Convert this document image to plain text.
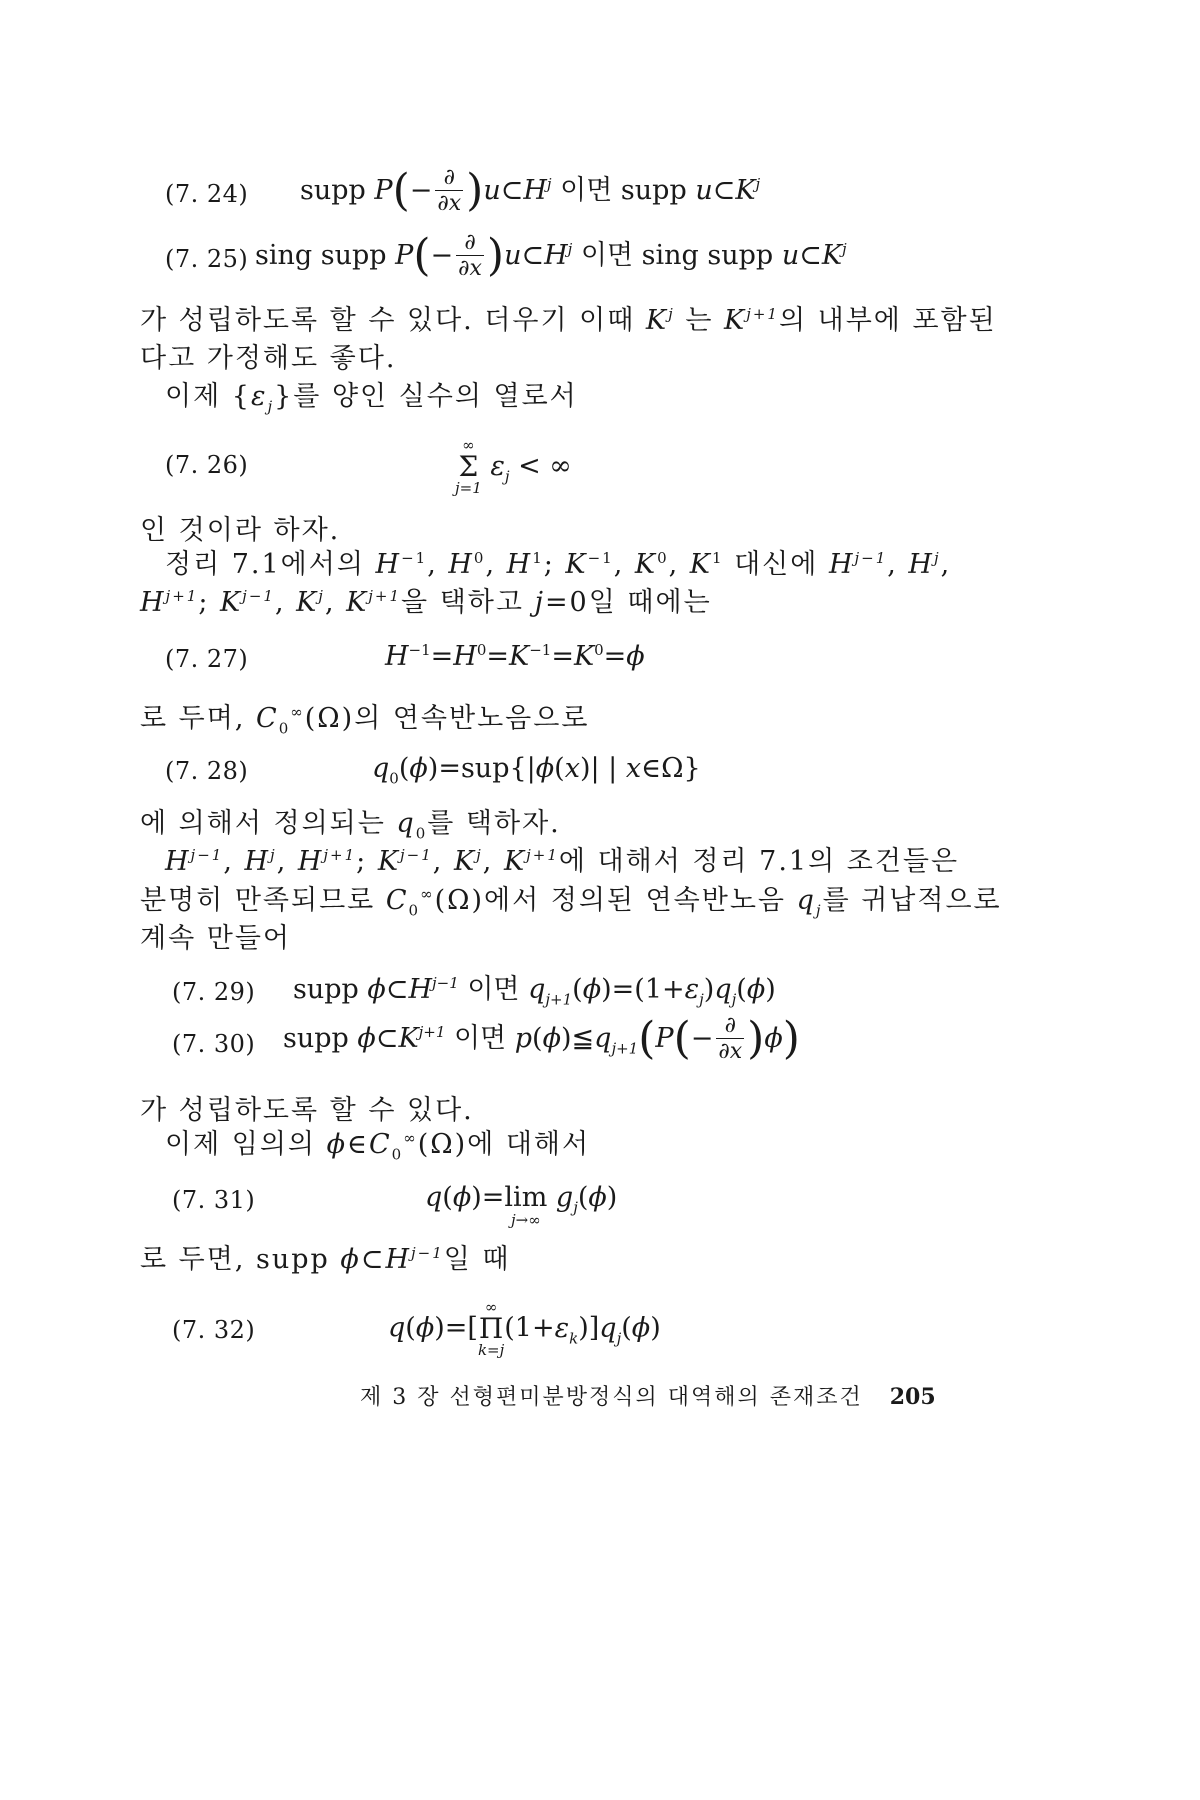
(7. 24) supp $P(- \frac{\partial}{\partial x}$ )$u\subset H^j$ 이면 supp $u\subset K^j$
(7. 25) sing supp $P(- \frac{\partial}{\partial x}$ )$u\subset H^j$ 이면 sing supp $u\subset K^j$
가 성립하도록 할 수 있다. 더우기 이때 $K^j$ 는 $K^{j+1}$의 내부에 포함된
다고 가정해도 좋다.
이제 $\{\varepsilon_j\}$를 양인 실수의 열로서
(7. 26)
∞
Σ
j=1
$\varepsilon_j$ < ∞
인 것이라 하자.
정리 7.1에서의 $H^{-1}$, $H^0$, $H^1$; $K^{-1}$, $K^0$, $K^1$ 대신에 $H^{j-1}$, $H^j$,
$H^{j+1}$; $K^{j-1}$, $K^j$, $K^{j+1}$을 택하고 j=0일 때에는
(7. 27)	$H^{-1}=H^0=K^{-1}=K^0=\phi$
로 두며, $C_0^\infty(\Omega)$의 연속반노음으로
(7. 28)	$q_0(\phi)=sup\{|\phi(x)|$ | x∈Ω}
에 의해서 정의되는 $q_0$를 택하자.
$H^{j-1}$, $H^j$, $H^{j+1}$; $K^{j-1}$, $K^j$, $K^{j+1}$에 대해서 정리 7.1의 조건들은
분명히 만족되므로 $C_0^\infty(\Omega)$에서 정의된 연속반노음 $q_j$를 귀납적으로
계속 만들어
(7. 29) supp $\phi\subset H^{j-1}$ 이면 $q_{j+1}(\phi)=(1+\varepsilon_j)q_j(\phi)$
(7. 30) supp $\phi\subset K^{j+1}$ 이면 $p(\phi)≦q_{j+1}(P(- \frac{\partial}{\partial x} )\phi)$
가 성립하도록 할 수 있다.
이제 임의의 $\phi\in C_0^\infty(\Omega)$에 대해서
(7. 31)	q(ϕ)= lim
j→∞
$g_j(\phi)$
로 두면, supp $\phi\subset H^{j-1}$일 때
(7. 32)	q(ϕ)=[
∞
Π
k=j
$(1+\varepsilon_k)]q_j(\phi)$
제 3 장 선형편미분방정식의 대역해의 존재조건 205
